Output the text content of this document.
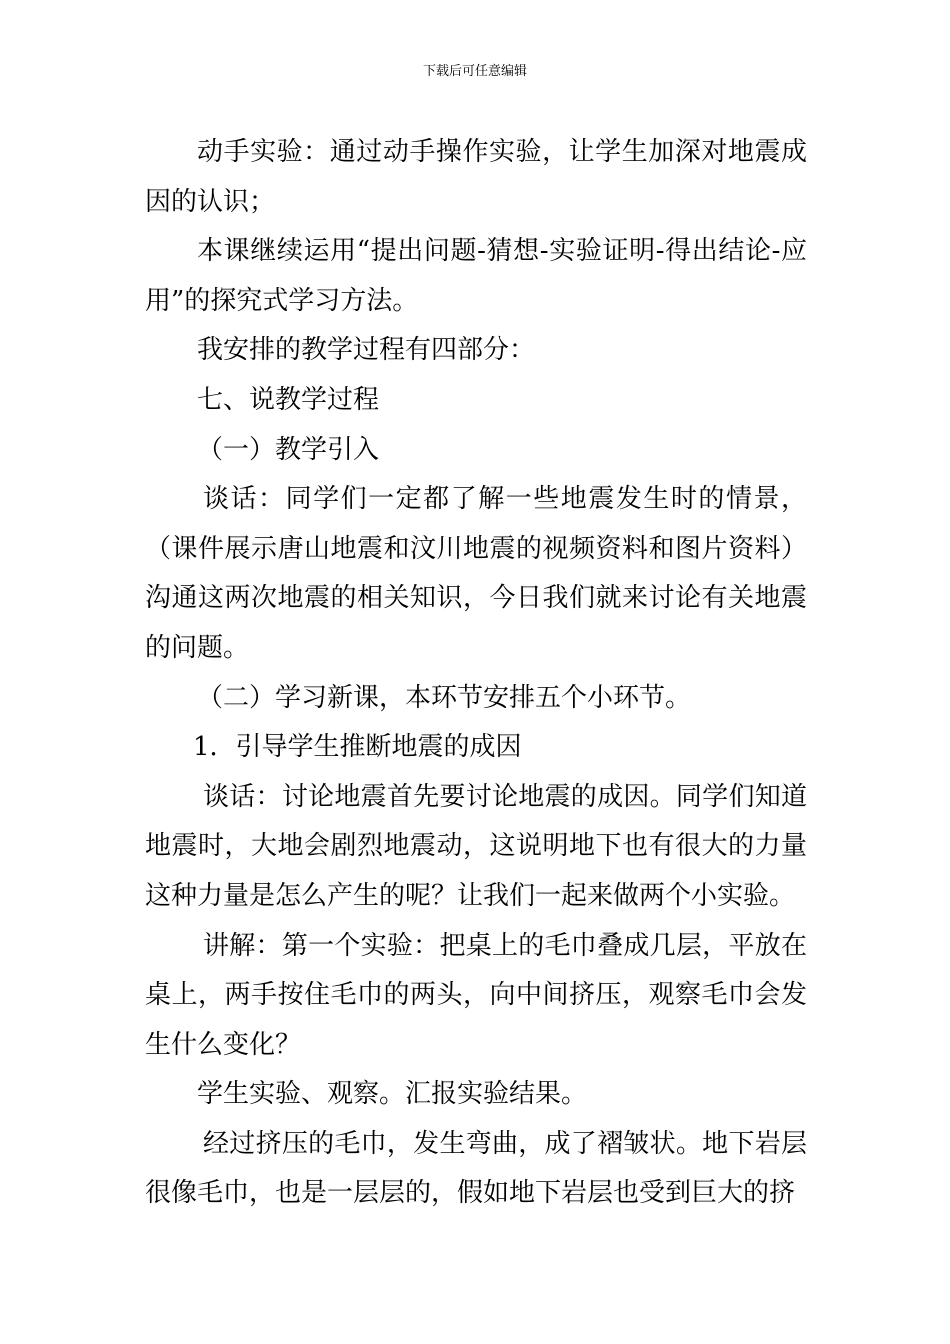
下载后可任意编辑

动手实验：通过动手操作实验，让学生加深对地震成因的认识；

本课继续运用“提出问题-猜想-实验证明-得出结论-应用”的探究式学习方法。

我安排的教学过程有四部分：

七、说教学过程

（一）教学引入

谈话：同学们一定都了解一些地震发生时的情景，（课件展示唐山地震和汶川地震的视频资料和图片资料）沟通这两次地震的相关知识，今日我们就来讨论有关地震的问题。

（二）学习新课，本环节安排五个小环节。

1．引导学生推断地震的成因

谈话：讨论地震首先要讨论地震的成因。同学们知道地震时，大地会剧烈地震动，这说明地下也有很大的力量这种力量是怎么产生的呢？让我们一起来做两个小实验。

讲解：第一个实验：把桌上的毛巾叠成几层，平放在桌上，两手按住毛巾的两头，向中间挤压，观察毛巾会发生什么变化？

学生实验、观察。汇报实验结果。

经过挤压的毛巾，发生弯曲，成了褶皱状。地下岩层很像毛巾，也是一层层的，假如地下岩层也受到巨大的挤
